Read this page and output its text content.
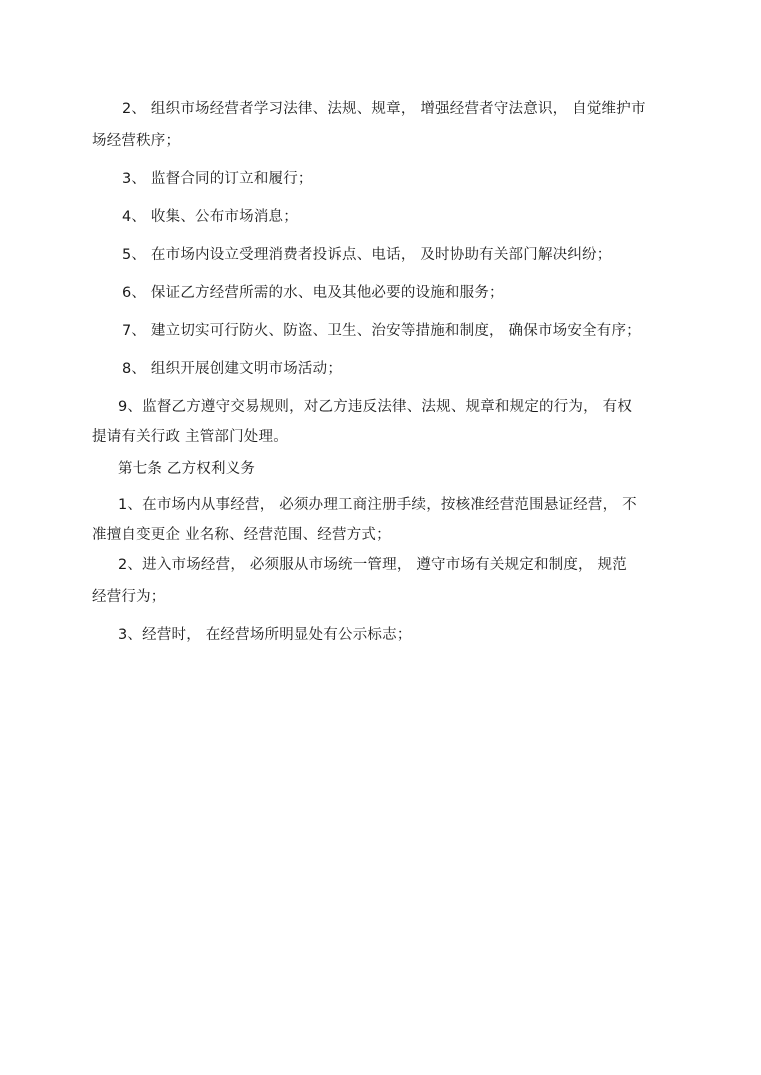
2、 组织市场经营者学习法律、法规、规章， 增强经营者守法意识， 自觉维护市

场经营秩序；

3、 监督合同的订立和履行；

4、 收集、公布市场消息；

5、 在市场内设立受理消费者投诉点、电话， 及时协助有关部门解决纠纷；

6、 保证乙方经营所需的水、电及其他必要的设施和服务；

7、 建立切实可行防火、防盗、卫生、治安等措施和制度， 确保市场安全有序；

8、 组织开展创建文明市场活动；

9、监督乙方遵守交易规则，对乙方违反法律、法规、规章和规定的行为， 有权

提请有关行政 主管部门处理。

第七条 乙方权利义务

1、在市场内从事经营， 必须办理工商注册手续，按核准经营范围悬证经营， 不

准擅自变更企 业名称、经营范围、经营方式；

2、进入市场经营， 必须服从市场统一管理， 遵守市场有关规定和制度， 规范

经营行为；

3、经营时， 在经营场所明显处有公示标志；
